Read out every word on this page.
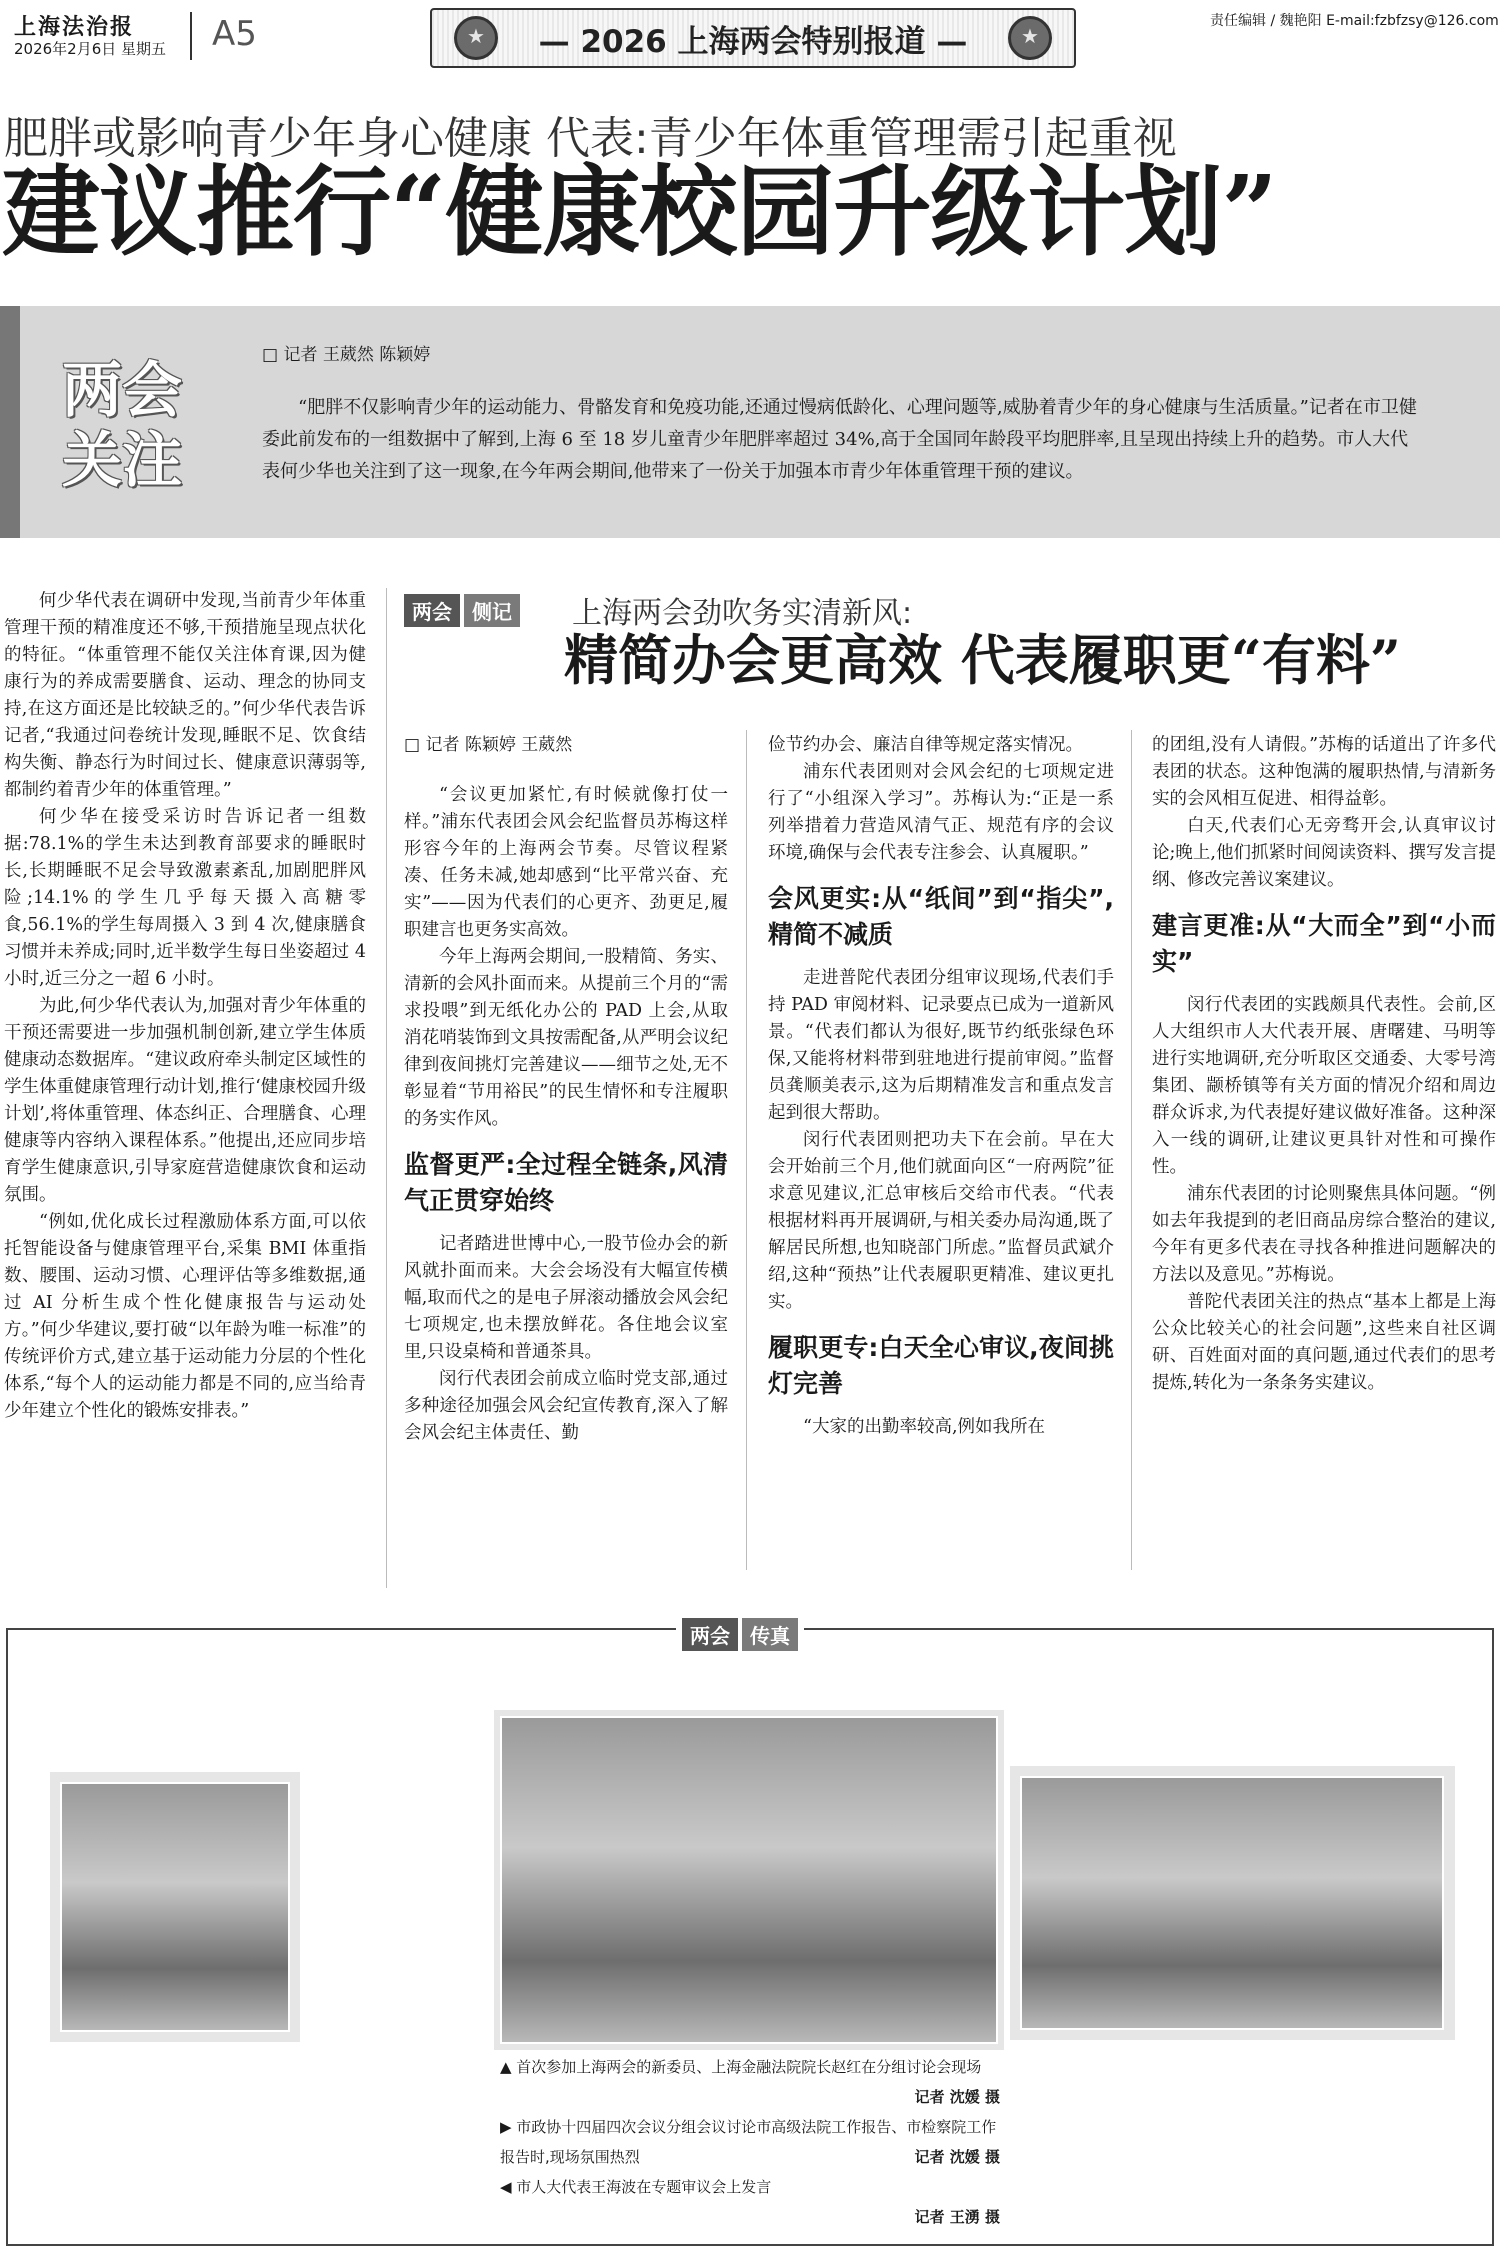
上海法治报
2026年2月6日 星期五 A5
★	— 2026 上海两会特别报道 —
★
责任编辑 / 魏艳阳 E-mail:fzbfzsy@126.com
肥胖或影响青少年身心健康 代表:青少年体重管理需引起重视
建议推行“健康校园升级计划”
两会关注
□ 记者 王葳然 陈颖婷
“肥胖不仅影响青少年的运动能力、骨骼发育和免疫功能,还通过慢病低龄化、心理问题等,威胁着青少年的身心健康与生活质量。”记者在市卫健委此前发布的一组数据中了解到,上海 6 至 18 岁儿童青少年肥胖率超过 34%,高于全国同年龄段平均肥胖率,且呈现出持续上升的趋势。市人大代表何少华也关注到了这一现象,在今年两会期间,他带来了一份关于加强本市青少年体重管理干预的建议。

何少华代表在调研中发现,当前青少年体重管理干预的精准度还不够,干预措施呈现点状化的特征。“体重管理不能仅关注体育课,因为健康行为的养成需要膳食、运动、理念的协同支持,在这方面还是比较缺乏的。”何少华代表告诉记者,“我通过问卷统计发现,睡眠不足、饮食结构失衡、静态行为时间过长、健康意识薄弱等,都制约着青少年的体重管理。”

何少华在接受采访时告诉记者一组数据:78.1%的学生未达到教育部要求的睡眠时长,长期睡眠不足会导致激素紊乱,加剧肥胖风险;14.1%的学生几乎每天摄入高糖零食,56.1%的学生每周摄入 3 到 4 次,健康膳食习惯并未养成;同时,近半数学生每日坐姿超过 4 小时,近三分之一超 6 小时。

为此,何少华代表认为,加强对青少年体重的干预还需要进一步加强机制创新,建立学生体质健康动态数据库。“建议政府牵头制定区域性的学生体重健康管理行动计划,推行‘健康校园升级计划’,将体重管理、体态纠正、合理膳食、心理健康等内容纳入课程体系。”他提出,还应同步培育学生健康意识,引导家庭营造健康饮食和运动氛围。

“例如,优化成长过程激励体系方面,可以依托智能设备与健康管理平台,采集 BMI 体重指数、腰围、运动习惯、心理评估等多维数据,通过 AI 分析生成个性化健康报告与运动处方。”何少华建议,要打破“以年龄为唯一标准”的传统评价方式,建立基于运动能力分层的个性化体系,“每个人的运动能力都是不同的,应当给青少年建立个性化的锻炼安排表。”

两会 侧记 上海两会劲吹务实清新风:
精简办会更高效 代表履职更“有料”
□ 记者 陈颖婷 王葳然

“会议更加紧忙,有时候就像打仗一样。”浦东代表团会风会纪监督员苏梅这样形容今年的上海两会节奏。尽管议程紧凑、任务未减,她却感到“比平常兴奋、充实”——因为代表们的心更齐、劲更足,履职建言也更务实高效。

今年上海两会期间,一股精简、务实、清新的会风扑面而来。从提前三个月的“需求投喂”到无纸化办公的 PAD 上会,从取消花哨装饰到文具按需配备,从严明会议纪律到夜间挑灯完善建议——细节之处,无不彰显着“节用裕民”的民生情怀和专注履职的务实作风。

监督更严:全过程全链条,风清气正贯穿始终

记者踏进世博中心,一股节俭办会的新风就扑面而来。大会会场没有大幅宣传横幅,取而代之的是电子屏滚动播放会风会纪七项规定,也未摆放鲜花。各住地会议室里,只设桌椅和普通茶具。

闵行代表团会前成立临时党支部,通过多种途径加强会风会纪宣传教育,深入了解会风会纪主体责任、勤

俭节约办会、廉洁自律等规定落实情况。

浦东代表团则对会风会纪的七项规定进行了“小组深入学习”。苏梅认为:“正是一系列举措着力营造风清气正、规范有序的会议环境,确保与会代表专注参会、认真履职。”

会风更实:从“纸间”到“指尖”,精简不减质

走进普陀代表团分组审议现场,代表们手持 PAD 审阅材料、记录要点已成为一道新风景。“代表们都认为很好,既节约纸张绿色环保,又能将材料带到驻地进行提前审阅。”监督员龚顺美表示,这为后期精准发言和重点发言起到很大帮助。

闵行代表团则把功夫下在会前。早在大会开始前三个月,他们就面向区“一府两院”征求意见建议,汇总审核后交给市代表。“代表根据材料再开展调研,与相关委办局沟通,既了解居民所想,也知晓部门所虑。”监督员武斌介绍,这种“预热”让代表履职更精准、建议更扎实。

履职更专:白天全心审议,夜间挑灯完善

“大家的出勤率较高,例如我所在

的团组,没有人请假。”苏梅的话道出了许多代表团的状态。这种饱满的履职热情,与清新务实的会风相互促进、相得益彰。

白天,代表们心无旁骛开会,认真审议讨论;晚上,他们抓紧时间阅读资料、撰写发言提纲、修改完善议案建议。

建言更准:从“大而全”到“小而实”

闵行代表团的实践颇具代表性。会前,区人大组织市人大代表开展、唐曙建、马明等进行实地调研,充分听取区交通委、大零号湾集团、颛桥镇等有关方面的情况介绍和周边群众诉求,为代表提好建议做好准备。这种深入一线的调研,让建议更具针对性和可操作性。

浦东代表团的讨论则聚焦具体问题。“例如去年我提到的老旧商品房综合整治的建议,今年有更多代表在寻找各种推进问题解决的方法以及意见。”苏梅说。

普陀代表团关注的热点“基本上都是上海公众比较关心的社会问题”,这些来自社区调研、百姓面对面的真问题,通过代表们的思考提炼,转化为一条条务实建议。

两会 传真
▲ 首次参加上海两会的新委员、上海金融法院院长赵红在分组讨论会现场
记者 沈媛 摄
▶ 市政协十四届四次会议分组会议讨论市高级法院工作报告、市检察院工作报告时,现场氛围热烈	记者 沈媛 摄
◀ 市人大代表王海波在专题审议会上发言
记者 王湧 摄
